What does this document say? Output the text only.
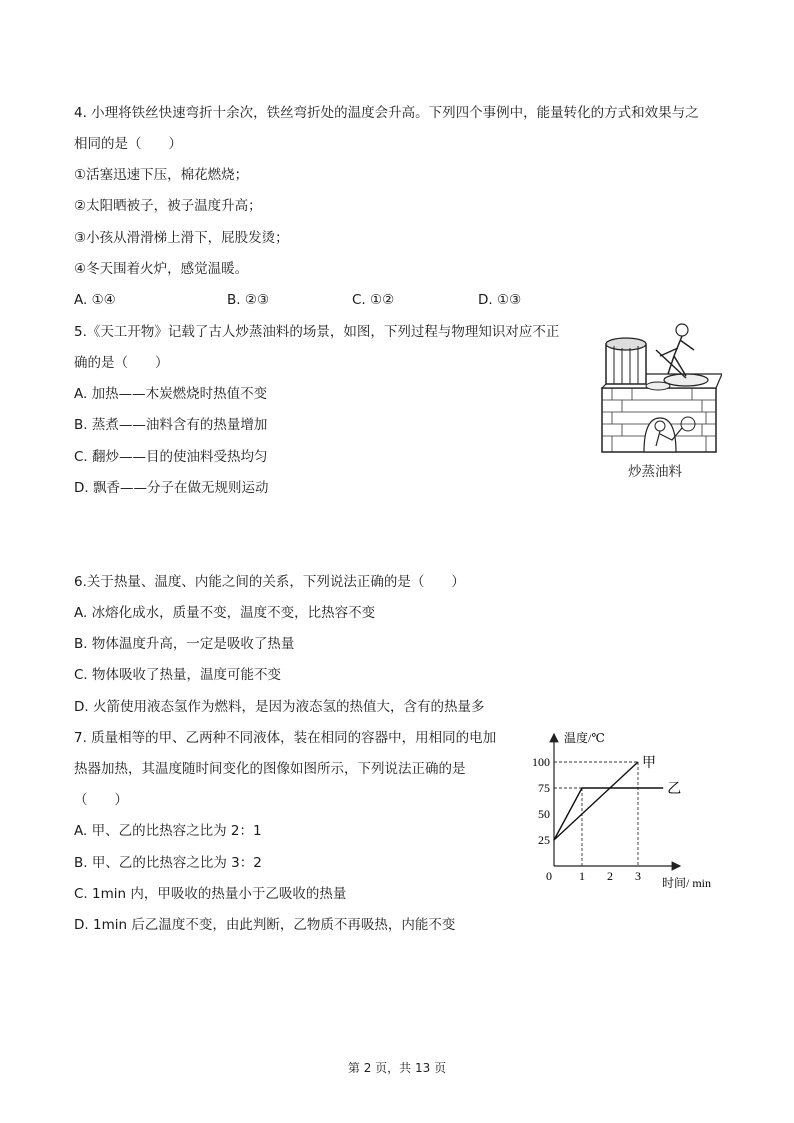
4. 小理将铁丝快速弯折十余次，铁丝弯折处的温度会升高。下列四个事例中，能量转化的方式和效果与之
相同的是（　　）
①活塞迅速下压，棉花燃烧；
②太阳晒被子，被子温度升高；
③小孩从滑滑梯上滑下，屁股发烫；
④冬天围着火炉，感觉温暖。
A. ①④	B. ②③	C. ①②	D. ①③
5.《天工开物》记载了古人炒蒸油料的场景，如图，下列过程与物理知识对应不正
确的是（　　）
A. 加热——木炭燃烧时热值不变
B. 蒸煮——油料含有的热量增加
C. 翻炒——目的使油料受热均匀
D. 飘香——分子在做无规则运动
炒蒸油料
6.关于热量、温度、内能之间的关系，下列说法正确的是（　　）
A. 冰熔化成水，质量不变，温度不变，比热容不变
B. 物体温度升高，一定是吸收了热量
C. 物体吸收了热量，温度可能不变
D. 火箭使用液态氢作为燃料，是因为液态氢的热值大，含有的热量多
7. 质量相等的甲、乙两种不同液体，装在相同的容器中，用相同的电加
热器加热，其温度随时间变化的图像如图所示，下列说法正确的是
（　　）
A. 甲、乙的比热容之比为 2：1
B. 甲、乙的比热容之比为 3：2
C. 1min 内，甲吸收的热量小于乙吸收的热量
D. 1min 后乙温度不变，由此判断，乙物质不再吸热，内能不变
25
50
75
100
1 2 3
甲
乙
温度/℃
时间/ min
0
第 2 页，共 13 页
